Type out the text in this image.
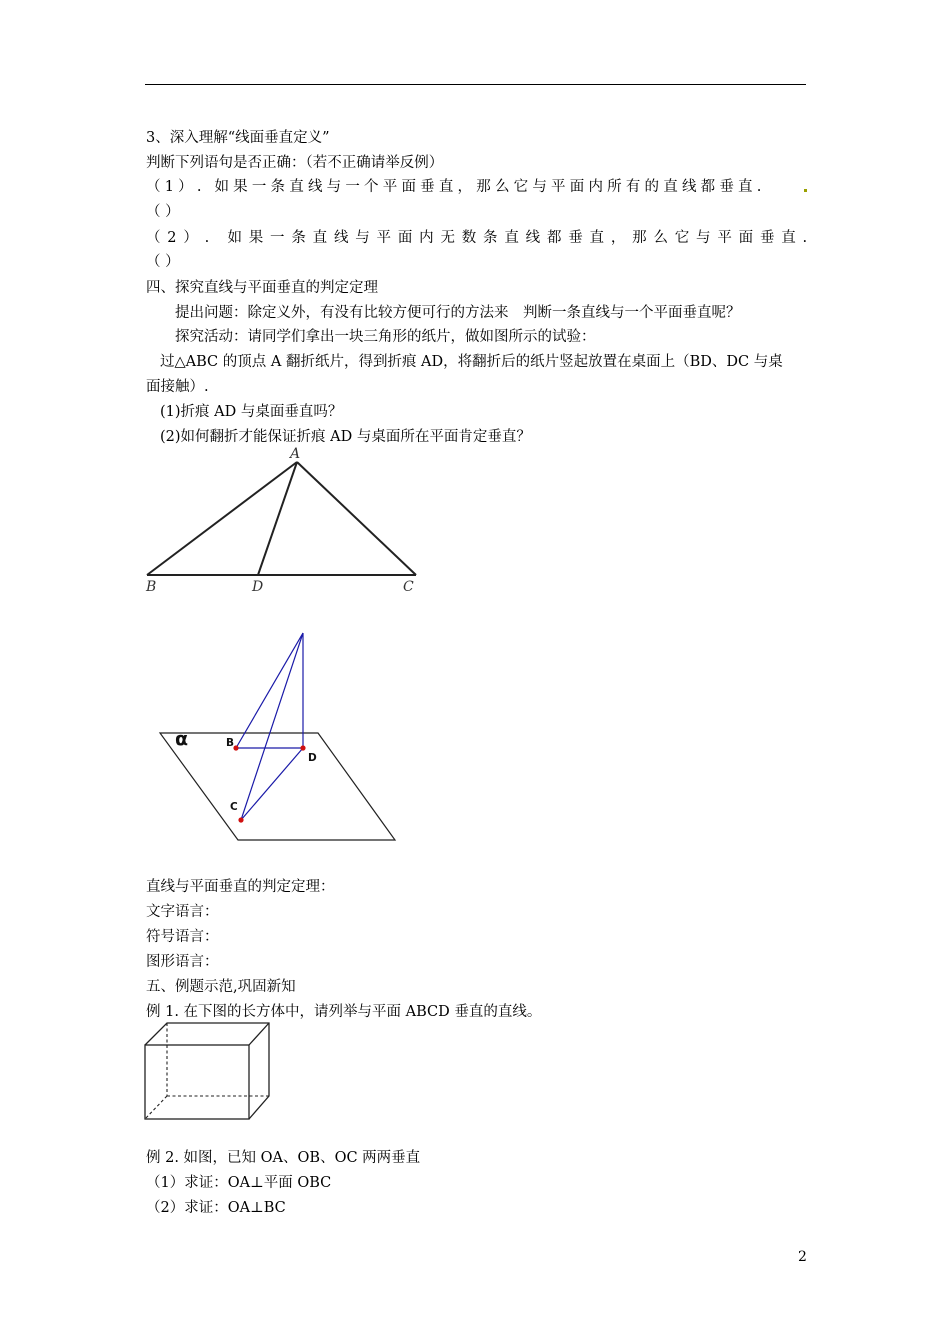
3、深入理解“线面垂直定义”
判断下列语句是否正确：（若不正确请举反例）
（1）. 如果一条直线与一个平面垂直，那么它与平面内所有的直线都垂直.
（ ）
（2）. 如果一条直线与平面内无数条直线都垂直，那么它与平面垂直.
（ ）
四、探究直线与平面垂直的判定定理
提出问题：除定义外，有没有比较方便可行的方法来　判断一条直线与一个平面垂直呢？
探究活动：请同学们拿出一块三角形的纸片，做如图所示的试验：
过△ABC 的顶点 A 翻折纸片，得到折痕 AD，将翻折后的纸片竖起放置在桌面上（BD、DC 与桌
面接触）.
(1)折痕 AD 与桌面垂直吗？
(2)如何翻折才能保证折痕 AD 与桌面所在平面肯定垂直？
A
B	D	C
α	B
D
C
直线与平面垂直的判定定理：
文字语言：
符号语言：
图形语言：
五、例题示范,巩固新知
例 1. 在下图的长方体中，请列举与平面 ABCD 垂直的直线。
例 2. 如图，已知 OA、OB、OC 两两垂直
（1）求证：OA⊥平面 OBC
（2）求证：OA⊥BC
2
